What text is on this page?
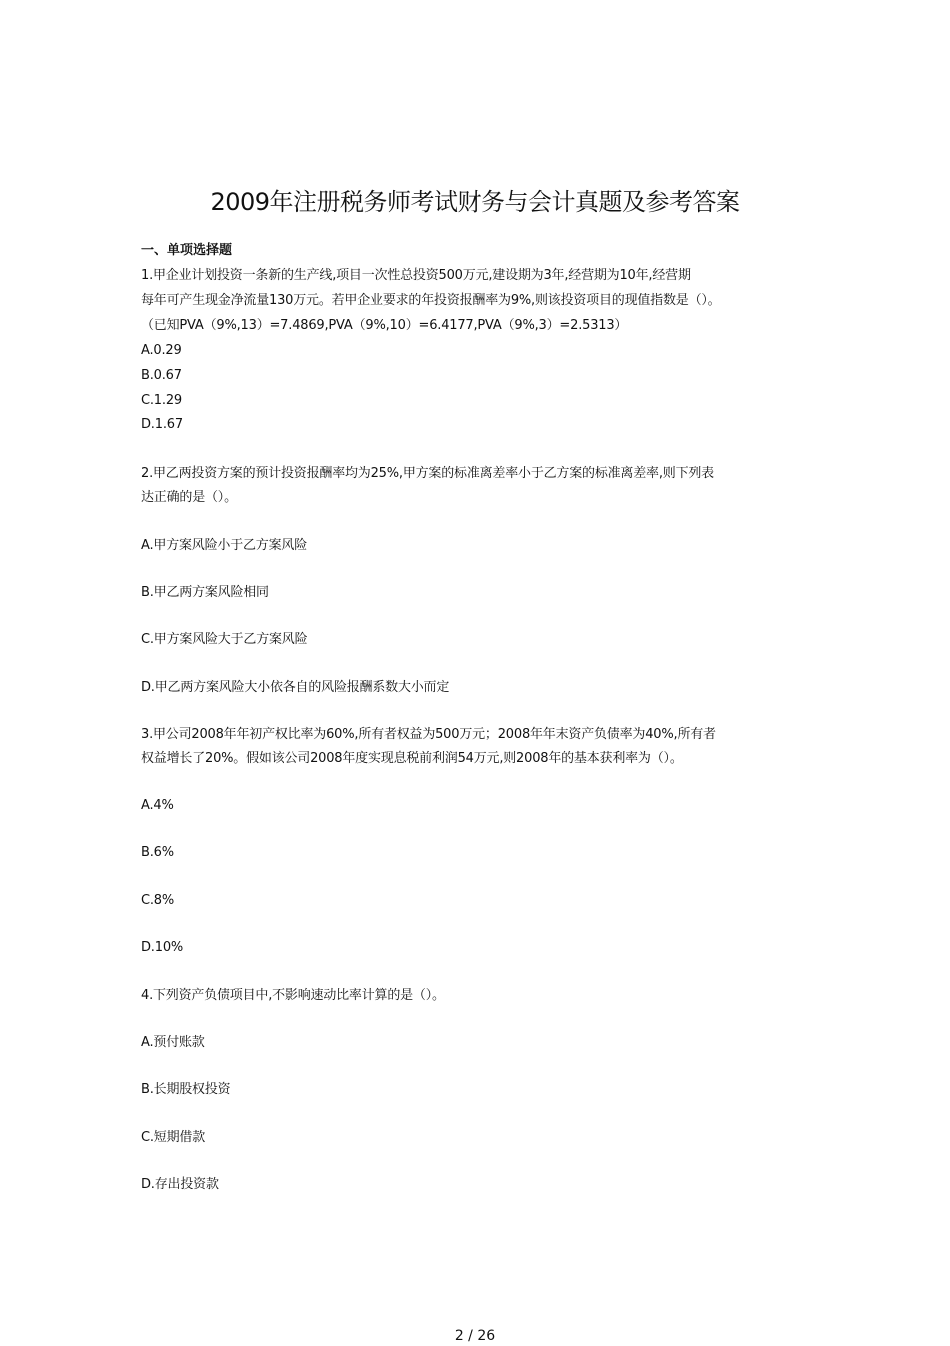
2009年注册税务师考试财务与会计真题及参考答案
一、单项选择题
1.甲企业计划投资一条新的生产线,项目一次性总投资500万元,建设期为3年,经营期为10年,经营期
每年可产生现金净流量130万元。若甲企业要求的年投资报酬率为9%,则该投资项目的现值指数是（）。
（已知PVA（9%,13）=7.4869,PVA（9%,10）=6.4177,PVA（9%,3）=2.5313）
A.0.29
B.0.67
C.1.29
D.1.67
2.甲乙两投资方案的预计投资报酬率均为25%,甲方案的标准离差率小于乙方案的标准离差率,则下列表
达正确的是（）。
A.甲方案风险小于乙方案风险
B.甲乙两方案风险相同
C.甲方案风险大于乙方案风险
D.甲乙两方案风险大小依各自的风险报酬系数大小而定
3.甲公司2008年年初产权比率为60%,所有者权益为500万元；2008年年末资产负债率为40%,所有者
权益增长了20%。假如该公司2008年度实现息税前利润54万元,则2008年的基本获利率为（）。
A.4%
B.6%
C.8%
D.10%
4.下列资产负债项目中,不影响速动比率计算的是（）。
A.预付账款
B.长期股权投资
C.短期借款
D.存出投资款
2 / 26
